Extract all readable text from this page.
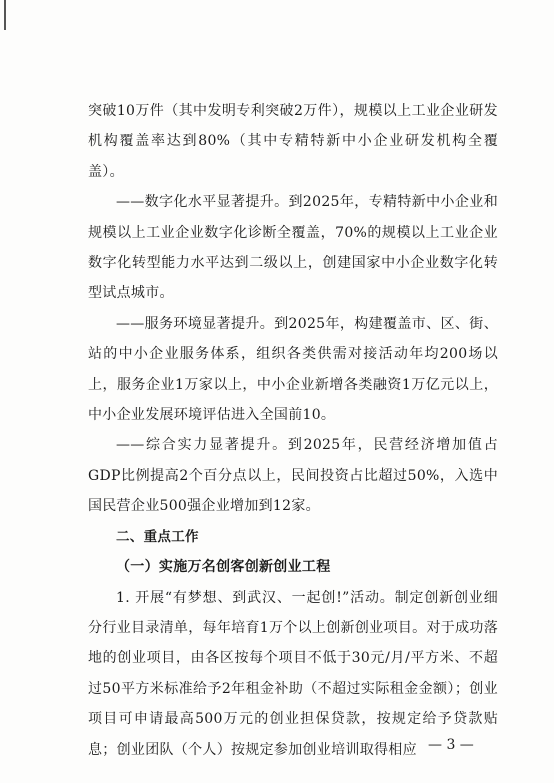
突破10万件（其中发明专利突破2万件），规模以上工业企业研发机构覆盖率达到80%（其中专精特新中小企业研发机构全覆盖）。

——数字化水平显著提升。到2025年，专精特新中小企业和规模以上工业企业数字化诊断全覆盖，70%的规模以上工业企业数字化转型能力水平达到二级以上，创建国家中小企业数字化转型试点城市。

——服务环境显著提升。到2025年，构建覆盖市、区、街、站的中小企业服务体系，组织各类供需对接活动年均200场以上，服务企业1万家以上，中小企业新增各类融资1万亿元以上，中小企业发展环境评估进入全国前10。

——综合实力显著提升。到2025年，民营经济增加值占GDP比例提高2个百分点以上，民间投资占比超过50%，入选中国民营企业500强企业增加到12家。

二、重点工作

（一）实施万名创客创新创业工程

1. 开展“有梦想、到武汉、一起创!”活动。制定创新创业细分行业目录清单，每年培育1万个以上创新创业项目。对于成功落地的创业项目，由各区按每个项目不低于30元/月/平方米、不超过50平方米标准给予2年租金补助（不超过实际租金金额）；创业项目可申请最高500万元的创业担保贷款，按规定给予贷款贴息；创业团队（个人）按规定参加创业培训取得相应 — 3 —
